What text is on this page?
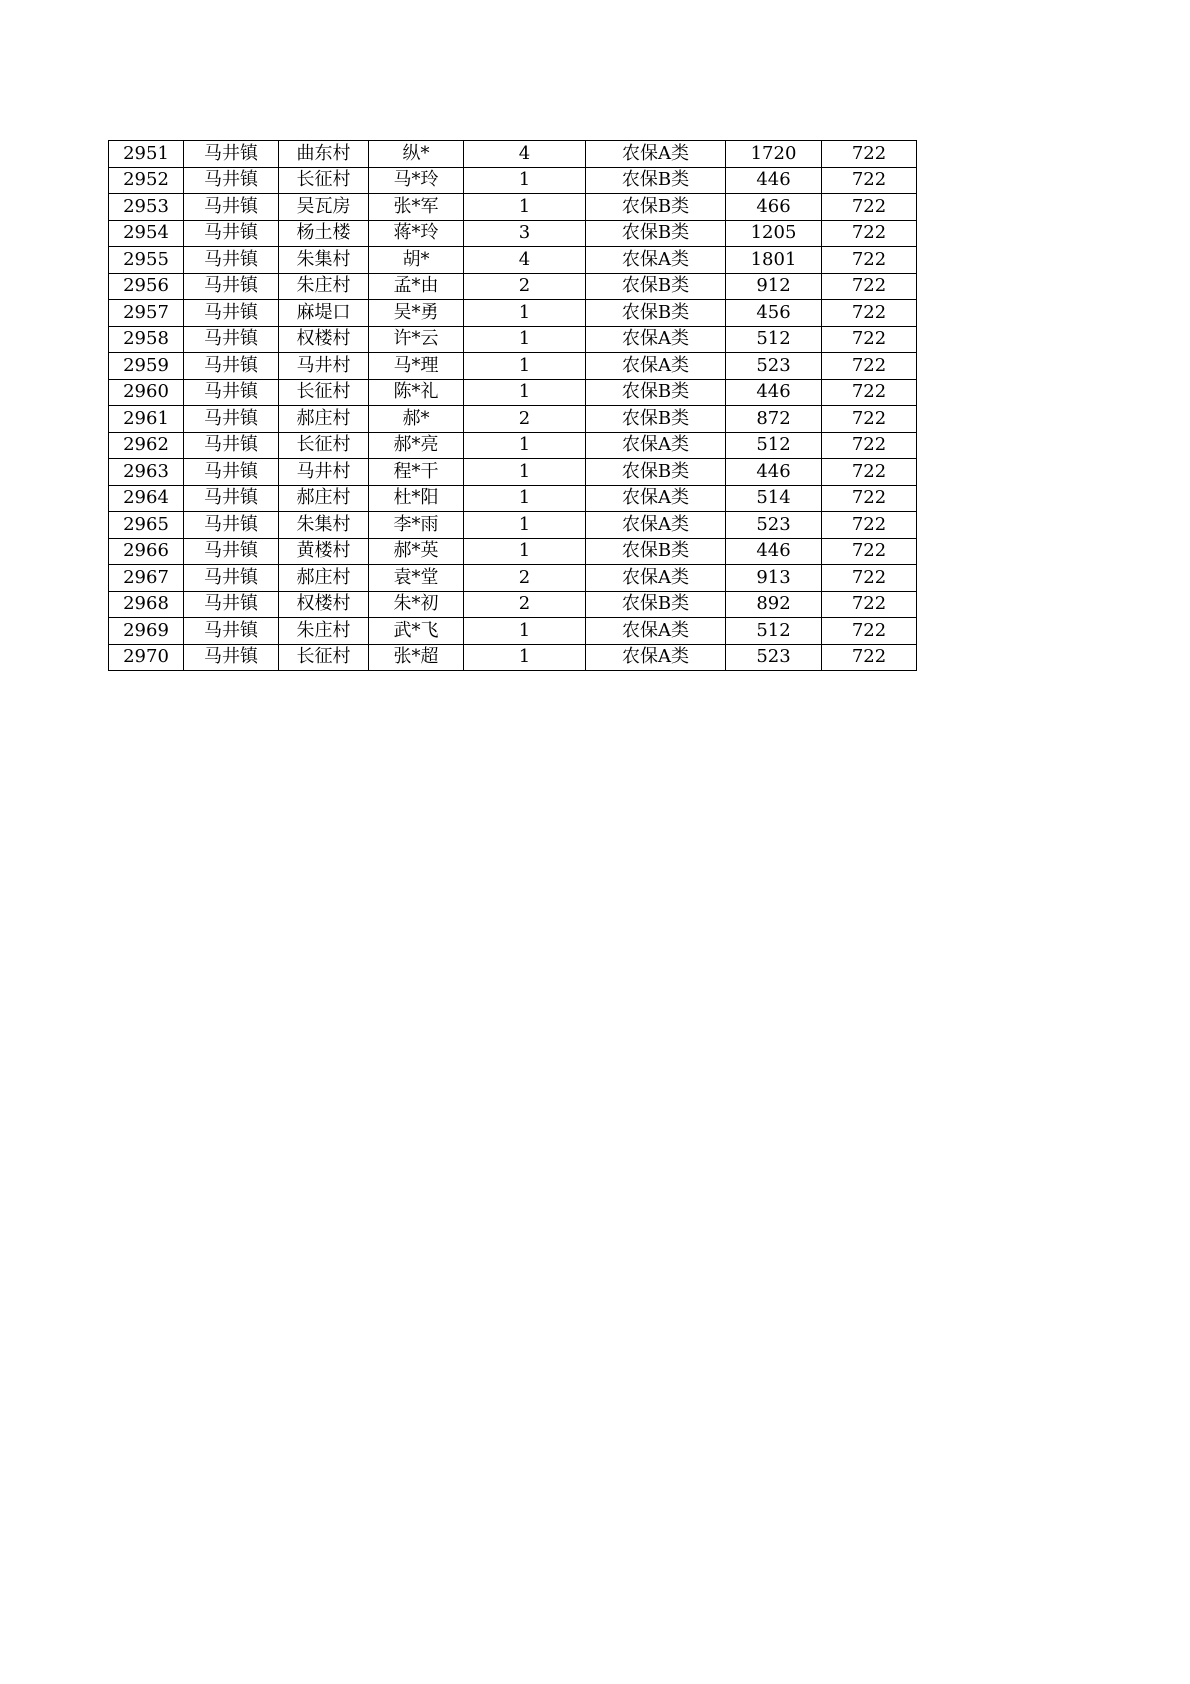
2951	马井镇	曲东村	纵*	4	农保A类	1720	722
2952	马井镇	长征村	马*玲	1	农保B类	446	722
2953	马井镇	吴瓦房	张*军	1	农保B类	466	722
2954	马井镇	杨土楼	蒋*玲	3	农保B类	1205	722
2955	马井镇	朱集村	胡*	4	农保A类	1801	722
2956	马井镇	朱庄村	孟*由	2	农保B类	912	722
2957	马井镇	麻堤口	吴*勇	1	农保B类	456	722
2958	马井镇	权楼村	许*云	1	农保A类	512	722
2959	马井镇	马井村	马*理	1	农保A类	523	722
2960	马井镇	长征村	陈*礼	1	农保B类	446	722
2961	马井镇	郝庄村	郝*	2	农保B类	872	722
2962	马井镇	长征村	郝*亮	1	农保A类	512	722
2963	马井镇	马井村	程*干	1	农保B类	446	722
2964	马井镇	郝庄村	杜*阳	1	农保A类	514	722
2965	马井镇	朱集村	李*雨	1	农保A类	523	722
2966	马井镇	黄楼村	郝*英	1	农保B类	446	722
2967	马井镇	郝庄村	袁*堂	2	农保A类	913	722
2968	马井镇	权楼村	朱*初	2	农保B类	892	722
2969	马井镇	朱庄村	武*飞	1	农保A类	512	722
2970	马井镇	长征村	张*超	1	农保A类	523	722
